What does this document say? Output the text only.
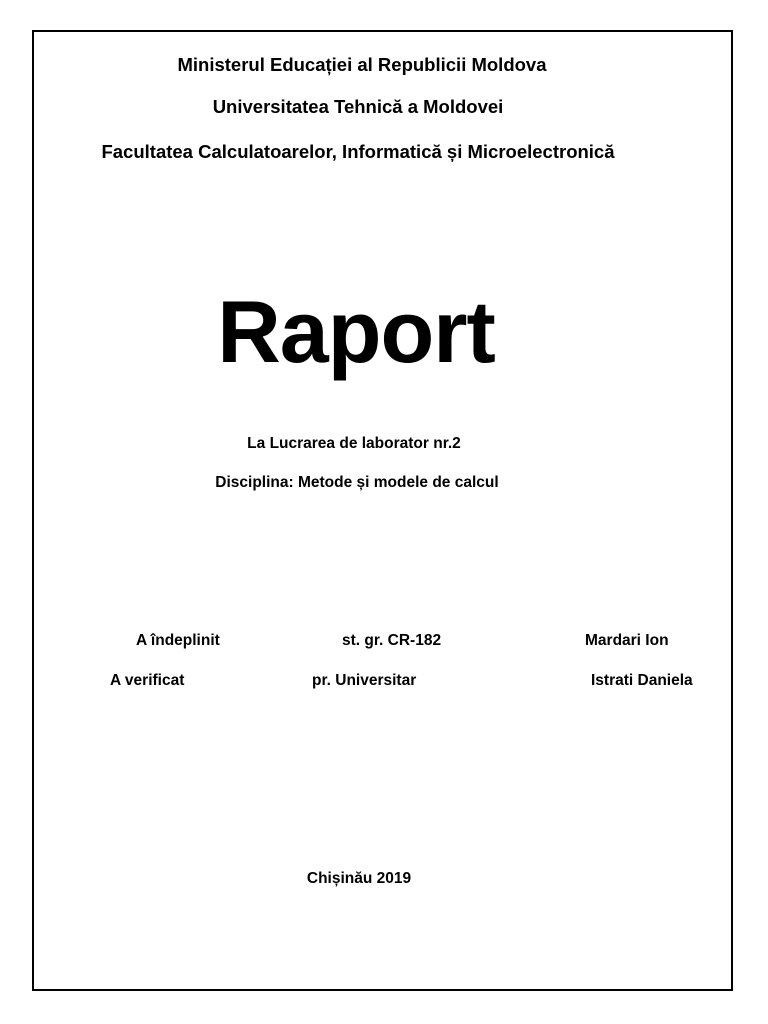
Ministerul Educației al Republicii Moldova
Universitatea Tehnică a Moldovei
Facultatea Calculatoarelor, Informatică și Microelectronică
Raport
La Lucrarea de laborator nr.2
Disciplina: Metode și modele de calcul
A îndeplinit	st. gr. CR-182	Mardari Ion
A verificat	pr. Universitar	Istrati Daniela
Chișinău 2019
